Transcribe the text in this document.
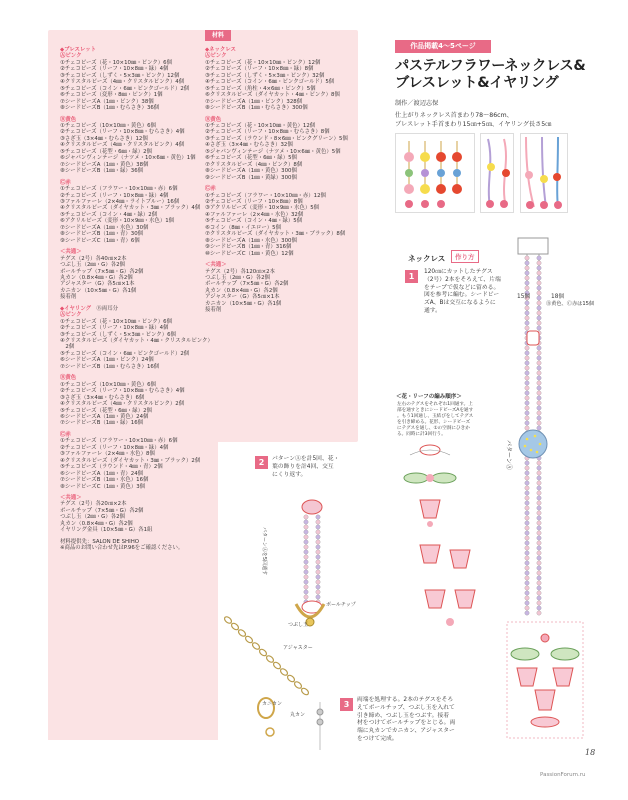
材料
◆ブレスレット
Ⓐピンク
①チェコビーズ（花・10×10㎜・ピンク）6個
②チェコビーズ（リーフ・10×8㎜・緑）4個
③チェコビーズ（しずく・5×3㎜・ピンク）12個
④クリスタルビーズ（4㎜・クリスタルピンク）4個
⑤チェコビーズ（コイン・6㎜・ピンクゴールド）2個
⑥チェコビーズ（変形・8㎜・ピンク）1個
⑦シードビーズA（1㎜・ピンク）38個
⑧シードビーズB（1㎜・むらさき）36個
Ⓑ黄色
①チェコビーズ（10×10㎜・黄色）6個
②チェコビーズ（リーフ・10×8㎜・むらさき）4個
③さざ玉（3×4㎜・むらさき）12個
④クリスタルビーズ（4㎜・クリスタルピンク）4個
⑤チェコビーズ（花型・6㎜・緑）2個
⑥ジャパンヴィンテージ（ナツメ・10×6㎜・黄色）1個
⑦シードビーズA（1㎜・黄色）38個
⑧シードビーズB（1㎜・緑）36個
Ⓒ赤
①チェコビーズ（フラワー・10×10㎜・赤）6個
②チェコビーズ（リーフ・10×8㎜・緑）4個
③ファルファーレ（2×4㎜・ライトブルー）16個
④クリスタルビーズ（ダイヤカット・3㎜・ブラック）4個
⑤チェコビーズ（コイン・4㎜・緑）2個
⑥アクリルビーズ（変形・10×9㎜・水色）1個
⑦シードビーズA（1㎜・水色）30個
⑧シードビーズB（1㎜・青）30個
⑨シードビーズC（1㎜・青）6個
＜共通＞
テグス（2号）各40㎝×2本
つぶし玉（2㎜・G）各2個
ボールチップ（7×5㎜・G）各2個
丸カン（0.8×4㎜・G）各2個
アジャスター（G）各5㎝×1本
カニカン（10×5㎜・G）各1個
接着剤
◆イヤリング　 Ⓑ両耳分
Ⓐピンク
①チェコビーズ（花・10×10㎜・ピンク）6個
②チェコビーズ（リーフ・10×8㎜・緑）4個
③チェコビーズ（しずく・5×3㎜・ピンク）6個
④クリスタルビーズ（ダイヤカット・4㎜・クリスタルピンク）
　2個
⑤チェコビーズ（コイン・6㎜・ピンクゴールド）2個
⑥シードビーズA（1㎜・ピンク）24個
⑦シードビーズB（1㎜・むらさき）16個
Ⓑ黄色
①チェコビーズ（10×10㎜・黄色）6個
②チェコビーズ（リーフ・10×8㎜・むらさき）4個
③さざ玉（3×4㎜・むらさき）6個
④クリスタルビーズ（4㎜・クリスタルピンク）2個
⑤チェコビーズ（花型・6㎜・緑）2個
⑥シードビーズA（1㎜・黄色）24個
⑦シードビーズB（1㎜・緑）16個
Ⓒ赤
①チェコビーズ（フラワー・10×10㎜・赤）6個
②チェコビーズ（リーフ・10×8㎜・緑）4個
③ファルファーレ（2×4㎜・水色）8個
④クリスタルビーズ（ダイヤカット・3㎜・ブラック）2個
⑤チェコビーズ（ラウンド・4㎜・青）2個
⑥シードビーズA（1㎜・青）24個
⑦シードビーズB（1㎜・水色）16個
⑧シードビーズC（1㎜・黄色）3個
＜共通＞
テグス（2号）各20㎝×2本
ボールチップ（7×5㎜・G）各2個
つぶし玉（2㎜・G）各2個
丸カン（0.8×4㎜・G）各2個
イヤリング金具（10×5㎜・G）各1組
材料提供先：SALON DE SHIHO
※商品のお問い合わせ先はP.96をご確認ください。
◆ネックレス
Ⓐピンク
①チェコビーズ（花・10×10㎜・ピンク）12個
②チェコビーズ（リーフ・10×8㎜・緑）8個
③チェコビーズ（しずく・5×3㎜・ピンク）32個
④チェコビーズ（コイン・6㎜・ピンクゴールド）5個
⑤チェコビーズ（角柱・4×6㎜・ピンク）5個
⑥クリスタルビーズ（ダイヤカット・4㎜・ピンク）8個
⑦シードビーズA（1㎜・ピンク）328個
⑧シードビーズB（1㎜・むらさき）300個
Ⓑ黄色
①チェコビーズ（花・10×10㎜・黄色）12個
②チェコビーズ（リーフ・10×8㎜・むらさき）8個
③チェコビーズ（ラウンド・8×6㎜・ピンクグリーン）5個
④さざ玉（3×4㎜・むらさき）32個
⑤ジャパンヴィンテージ（ナツメ・10×6㎜・黄色）5個
⑥チェコビーズ（花型・6㎜・緑）5個
⑦クリスタルビーズ（4㎜・ピンク）8個
⑧シードビーズA（1㎜・黄色）300個
⑨シードビーズB（1㎜・黄緑）300個
Ⓒ赤
①チェコビーズ（フラワー・10×10㎜・赤）12個
②チェコビーズ（リーフ・10×8㎜）8個
③アクリルビーズ（変形・10×9㎜・水色）5個
④ファルファーレ（2×4㎜・水色）32個
⑤チェコビーズ（コイン・4㎜・緑）5個
⑥コイン（8㎜・イエロー）5個
⑦クリスタルビーズ（ダイヤカット・3㎜・ブラック）8個
⑧シードビーズA（1㎜・水色）300個
⑨シードビーズB（1㎜・青）316個
⑩シードビーズC（1㎜・黄色）12個
＜共通＞
テグス（2号）各120㎝×2本
つぶし玉（2㎜・G）各2個
ボールチップ（7×5㎜・G）各2個
丸カン（0.8×4㎜・G）各2個
アジャスター（G）各5㎝×1本
カニカン（10×5㎜・G）各1個
接着剤
作品掲載4～5ページ
パステルフラワーネックレス&
ブレスレット&イヤリング
制作／渡辺志保
仕上がりネックレス首まわり78～86cm、
ブレスレット手首まわり15㎝+5㎝、イヤリング長さ5㎝
ネックレス	作り方
1	120㎝にカットしたテグス
（2号）2本をそろえて、片端
をテープで仮などに留める。
図を参考に編む。シードビー
ズA、Bは交互になるように
通す。
18個
15個
Ⓑ黄色、Ⓒ赤は15個
パターンⒶ
＜花・リーフの編み順序＞
左右のテグスをそれぞれ1回通す。上
部を通すときにシードビーズAを通す
。もう1回通し、玉結びをしてテグス
を引き締める。花形、シードビーズ
にテグスを通し、①の空洞にひきか
る。同時に計3回行う。
2	パターンⒶを計5回、花・
葉の飾りを計4回、交互
にくり返す。
パターンⒶを5回通す
ボールチップ
つぶし玉
アジャスター
カニカン
丸カン
3	両端を処理する。2本のテグスをそろ
えてボールチップ、つぶし玉を入れて
引き締め、つぶし玉をつぶす。接着
材をつけてボールチップをとじる。両
端に丸カンでカニカン、アジャスター
をつけて完成。
18
PassionForum.ru
